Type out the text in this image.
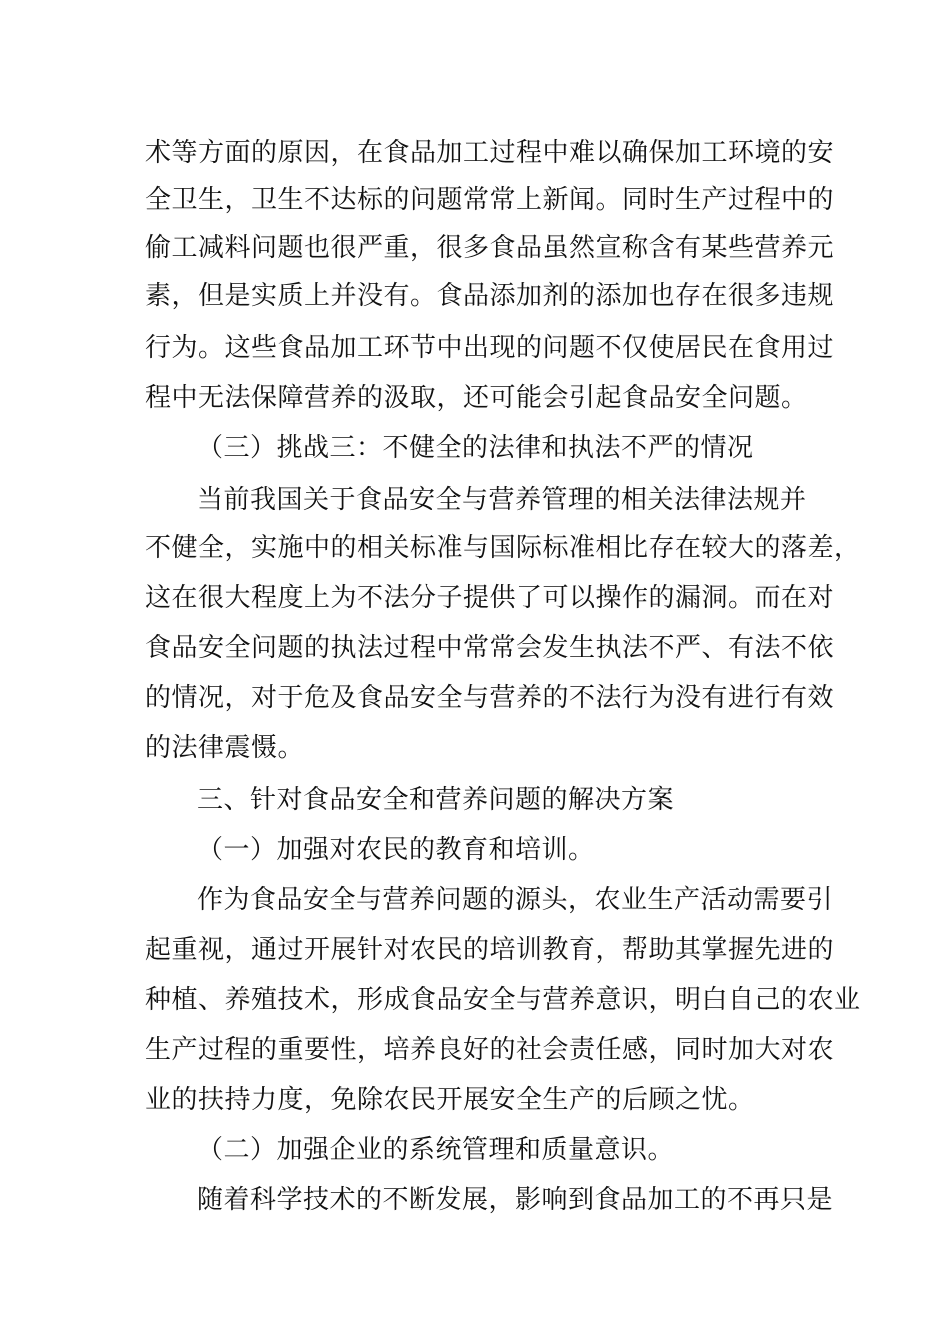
术等方面的原因，在食品加工过程中难以确保加工环境的安
全卫生，卫生不达标的问题常常上新闻。同时生产过程中的
偷工减料问题也很严重，很多食品虽然宣称含有某些营养元
素，但是实质上并没有。食品添加剂的添加也存在很多违规
行为。这些食品加工环节中出现的问题不仅使居民在食用过
程中无法保障营养的汲取，还可能会引起食品安全问题。
（三）挑战三：不健全的法律和执法不严的情况
当前我国关于食品安全与营养管理的相关法律法规并
不健全，实施中的相关标准与国际标准相比存在较大的落差，
这在很大程度上为不法分子提供了可以操作的漏洞。而在对
食品安全问题的执法过程中常常会发生执法不严、有法不依
的情况，对于危及食品安全与营养的不法行为没有进行有效
的法律震慑。
三、针对食品安全和营养问题的解决方案
（一）加强对农民的教育和培训。
作为食品安全与营养问题的源头，农业生产活动需要引
起重视，通过开展针对农民的培训教育，帮助其掌握先进的
种植、养殖技术，形成食品安全与营养意识，明白自己的农业
生产过程的重要性，培养良好的社会责任感，同时加大对农
业的扶持力度，免除农民开展安全生产的后顾之忧。
（二）加强企业的系统管理和质量意识。
随着科学技术的不断发展，影响到食品加工的不再只是
